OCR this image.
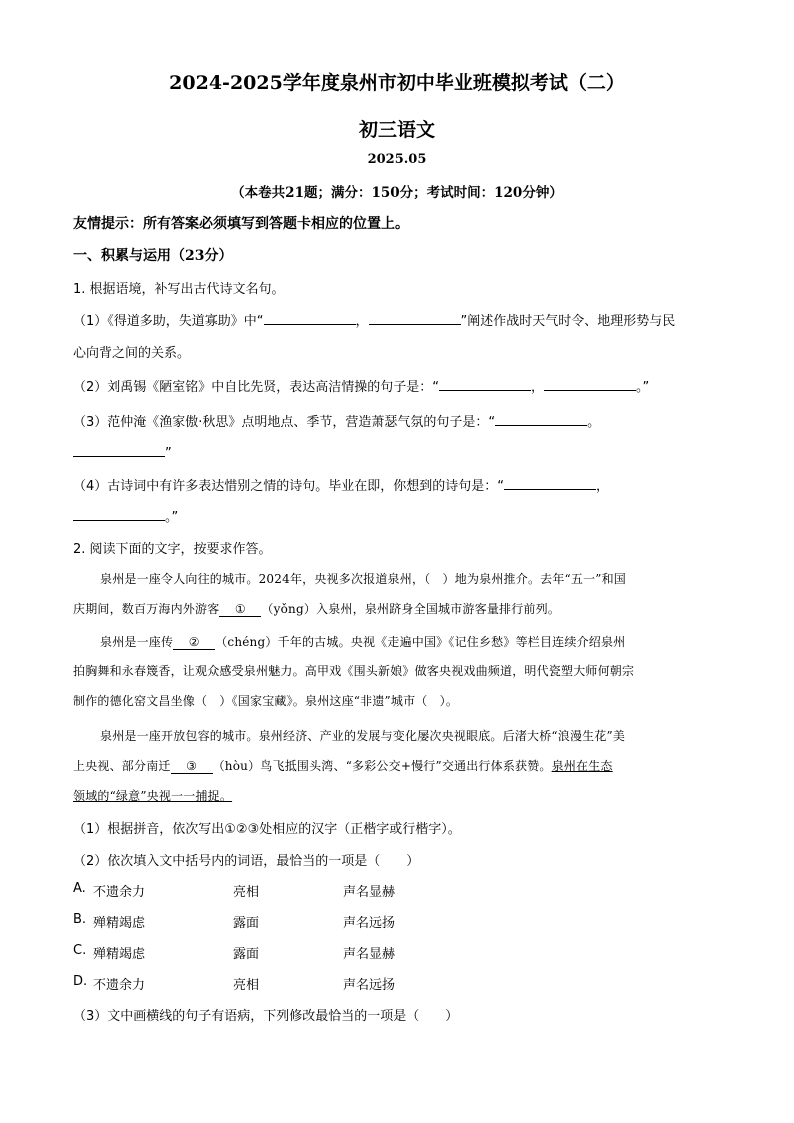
2024-2025学年度泉州市初中毕业班模拟考试（二）
初三语文
2025.05
（本卷共21题；满分：150分；考试时间：120分钟）
友情提示：所有答案必须填写到答题卡相应的位置上。
一、积累与运用（23分）
1. 根据语境，补写出古代诗文名句。
（1）《得道多助，失道寡助》中“	，	”阐述作战时天气时令、地理形势与民
心向背之间的关系。
（2）刘禹锡《陋室铭》中自比先贤，表达高洁情操的句子是：“	，	。”
（3）范仲淹《渔家傲·秋思》点明地点、季节，营造萧瑟气氛的句子是：“	。
”
（4）古诗词中有许多表达惜别之情的诗句。毕业在即，你想到的诗句是：“	，
。”
2. 阅读下面的文字，按要求作答。
泉州是一座令人向往的城市。2024年，央视多次报道泉州，（　）地为泉州推介。去年“五一”和国
庆期间，数百万海内外游客 ① （yǒng）入泉州，泉州跻身全国城市游客量排行前列。
泉州是一座传 ② （chéng）千年的古城。央视《走遍中国》《记住乡愁》等栏目连续介绍泉州
拍胸舞和永春篾香，让观众感受泉州魅力。高甲戏《围头新娘》做客央视戏曲频道，明代瓷塑大师何朝宗
制作的德化窑文昌坐像（　）《国家宝藏》。泉州这座“非遗”城市（　）。
泉州是一座开放包容的城市。泉州经济、产业的发展与变化屡次央视眼底。后渚大桥“浪漫生花”美
上央视、部分南迁 ③ （hòu）鸟飞抵围头湾、“多彩公交+慢行”交通出行体系获赞。泉州在生态
领域的“绿意”央视一一捕捉。
（1）根据拼音，依次写出①②③处相应的汉字（正楷字或行楷字）。
（2）依次填入文中括号内的词语，最恰当的一项是（　　）
A. 不遗余力	亮相	声名显赫
B. 殚精竭虑	露面	声名远扬
C. 殚精竭虑	露面	声名显赫
D. 不遗余力	亮相	声名远扬
（3）文中画横线的句子有语病，下列修改最恰当的一项是（　　）
